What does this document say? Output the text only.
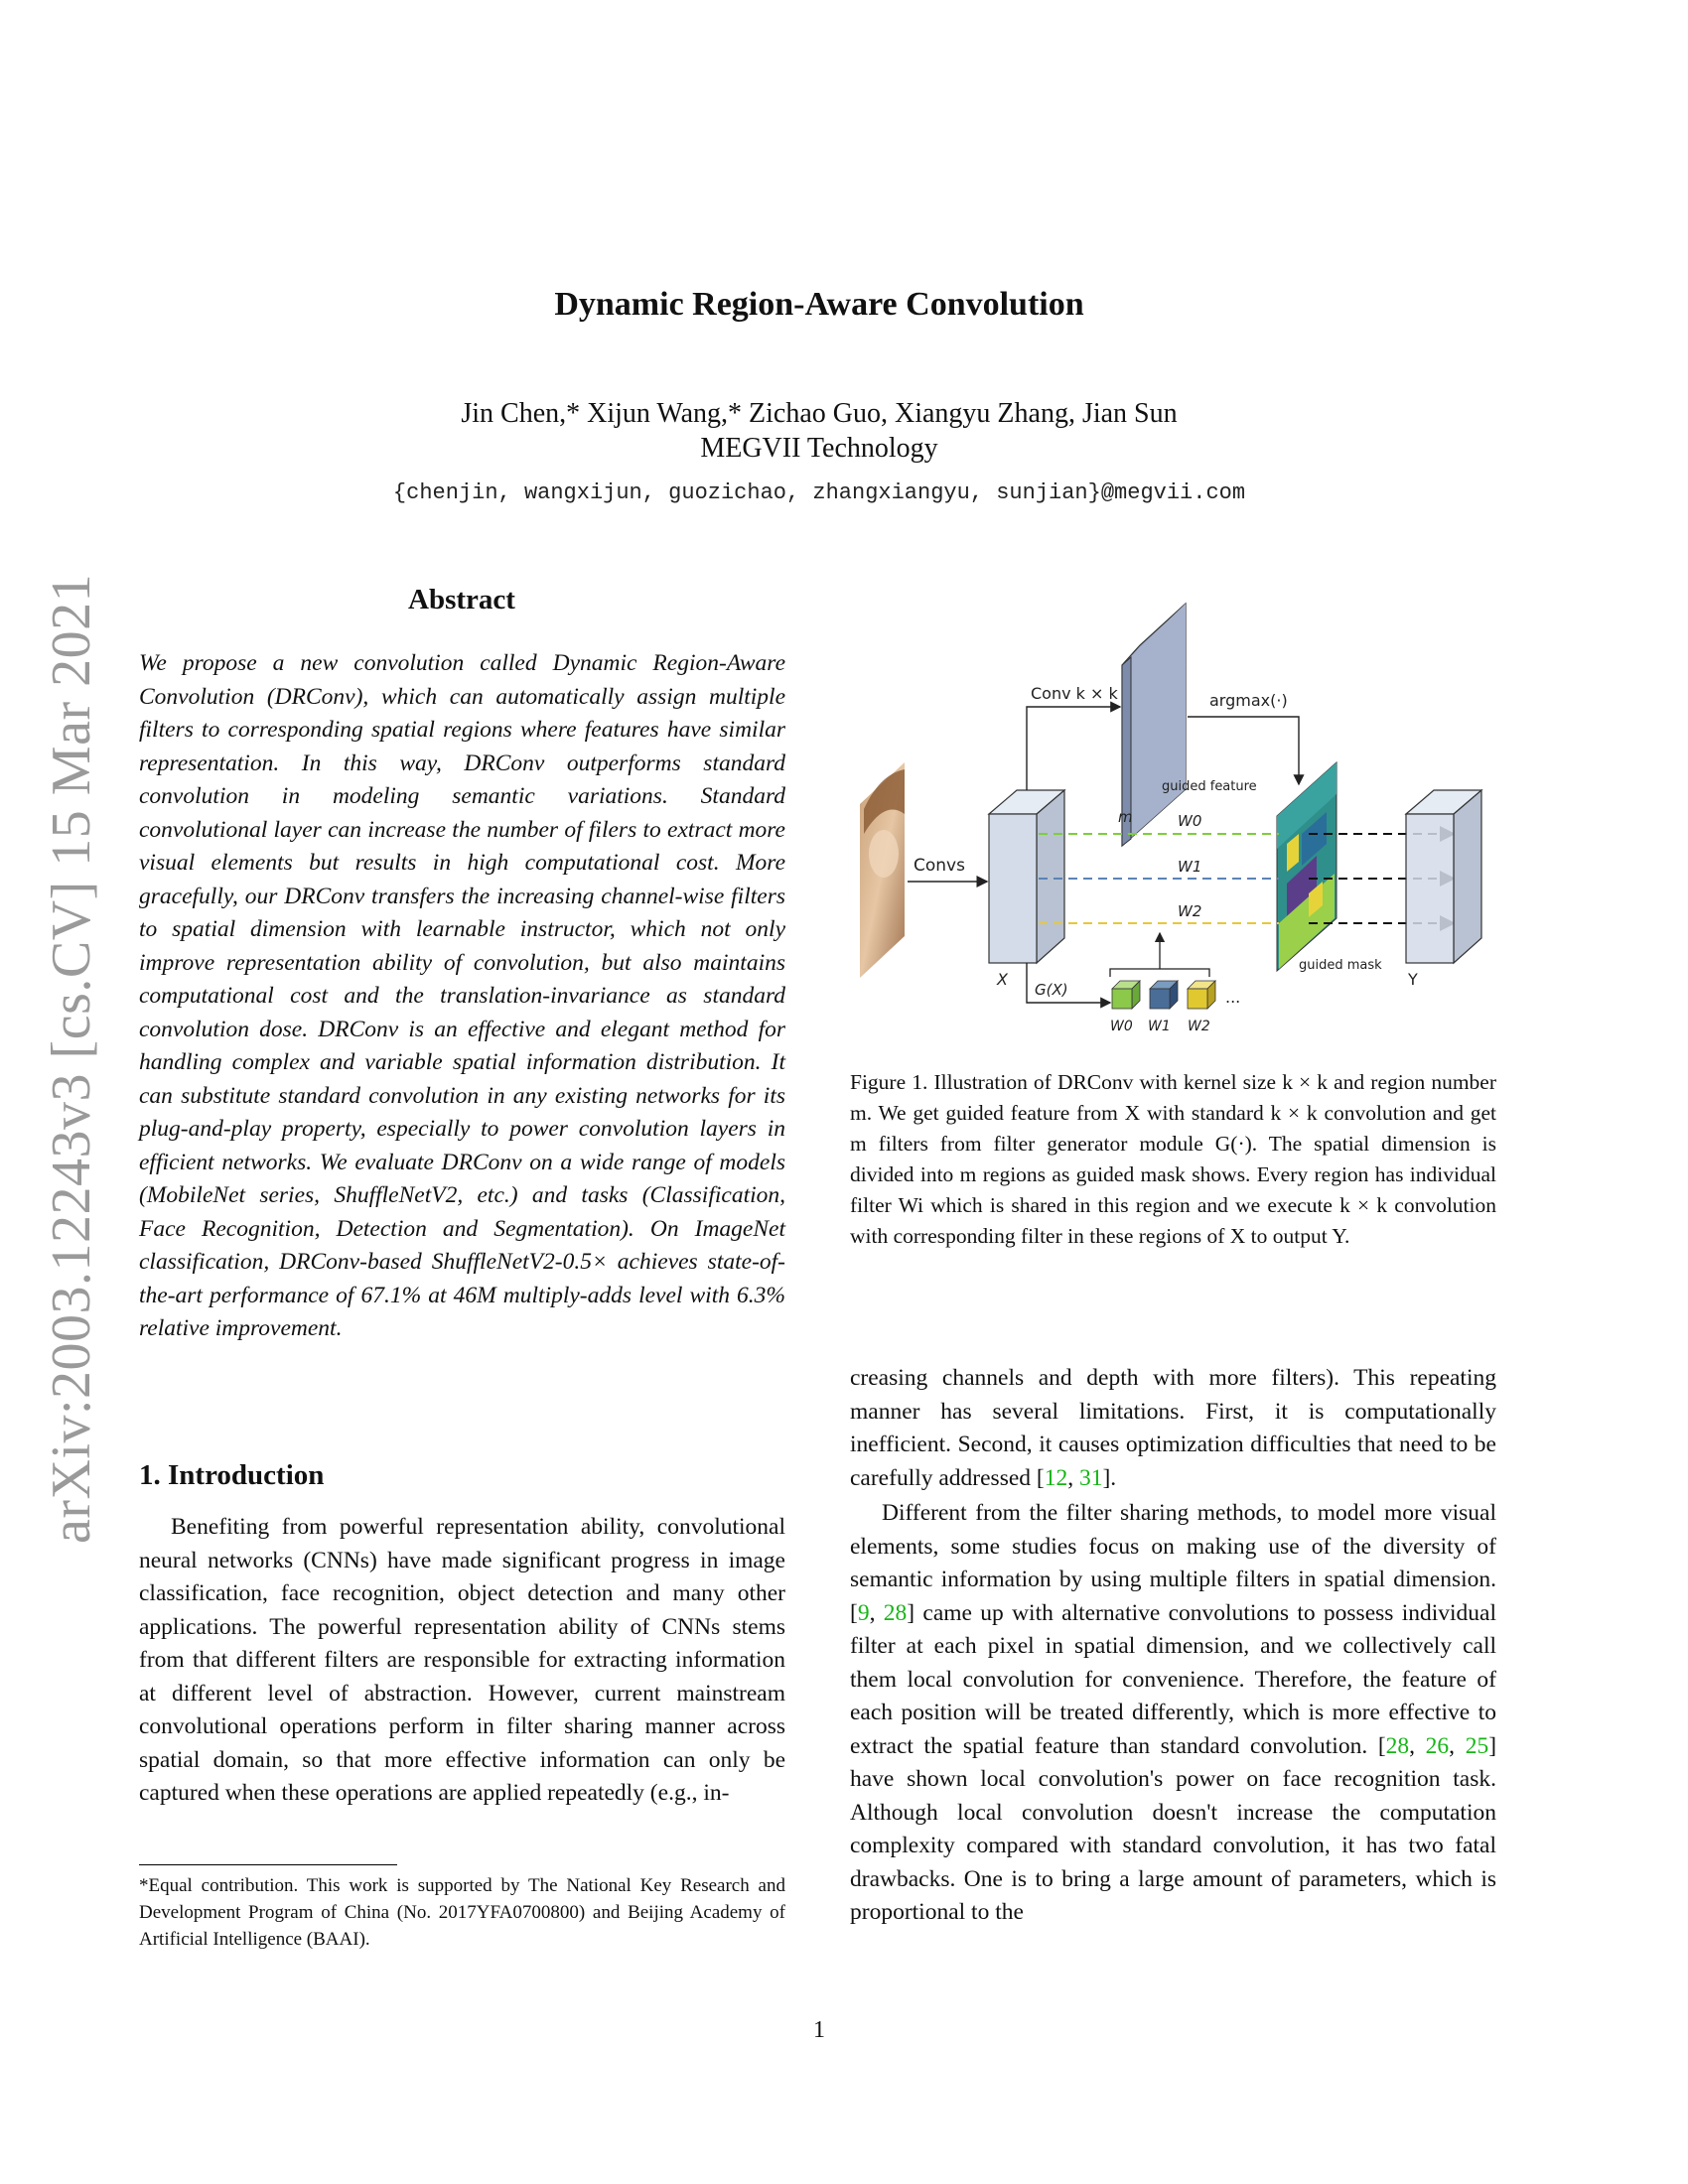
arXiv:2003.12243v3 [cs.CV] 15 Mar 2021
Dynamic Region-Aware Convolution
Jin Chen,* Xijun Wang,* Zichao Guo, Xiangyu Zhang, Jian Sun
MEGVII Technology
{chenjin, wangxijun, guozichao, zhangxiangyu, sunjian}@megvii.com
Abstract
We propose a new convolution called Dynamic Region-Aware Convolution (DRConv), which can automatically assign multiple filters to corresponding spatial regions where features have similar representation. In this way, DRConv outperforms standard convolution in modeling semantic variations. Standard convolutional layer can increase the number of filers to extract more visual elements but results in high computational cost. More gracefully, our DRConv transfers the increasing channel-wise filters to spatial dimension with learnable instructor, which not only improve representation ability of convolution, but also maintains computational cost and the translation-invariance as standard convolution dose. DRConv is an effective and elegant method for handling complex and variable spatial information distribution. It can substitute standard convolution in any existing networks for its plug-and-play property, especially to power convolution layers in efficient networks. We evaluate DRConv on a wide range of models (MobileNet series, ShuffleNetV2, etc.) and tasks (Classification, Face Recognition, Detection and Segmentation). On ImageNet classification, DRConv-based ShuffleNetV2-0.5× achieves state-of-the-art performance of 67.1% at 46M multiply-adds level with 6.3% relative improvement.
1. Introduction
Benefiting from powerful representation ability, convolutional neural networks (CNNs) have made significant progress in image classification, face recognition, object detection and many other applications. The powerful representation ability of CNNs stems from that different filters are responsible for extracting information at different level of abstraction. However, current mainstream convolutional operations perform in filter sharing manner across spatial domain, so that more effective information can only be captured when these operations are applied repeatedly (e.g., in-
*Equal contribution. This work is supported by The National Key Research and Development Program of China (No. 2017YFA0700800) and Beijing Academy of Artificial Intelligence (BAAI).
Convs
X
Conv k × k
guided feature
m
argmax(·)
guided mask
W0
W1
W2
Y
G(X)	...
W0 W1 W2
Figure 1. Illustration of DRConv with kernel size k × k and region number m. We get guided feature from X with standard k × k convolution and get m filters from filter generator module G(·). The spatial dimension is divided into m regions as guided mask shows. Every region has individual filter Wi which is shared in this region and we execute k × k convolution with corresponding filter in these regions of X to output Y.
creasing channels and depth with more filters). This repeating manner has several limitations. First, it is computationally inefficient. Second, it causes optimization difficulties that need to be carefully addressed [12, 31].
Different from the filter sharing methods, to model more visual elements, some studies focus on making use of the diversity of semantic information by using multiple filters in spatial dimension. [9, 28] came up with alternative convolutions to possess individual filter at each pixel in spatial dimension, and we collectively call them local convolution for convenience. Therefore, the feature of each position will be treated differently, which is more effective to extract the spatial feature than standard convolution. [28, 26, 25] have shown local convolution's power on face recognition task. Although local convolution doesn't increase the computation complexity compared with standard convolution, it has two fatal drawbacks. One is to bring a large amount of parameters, which is proportional to the
1
